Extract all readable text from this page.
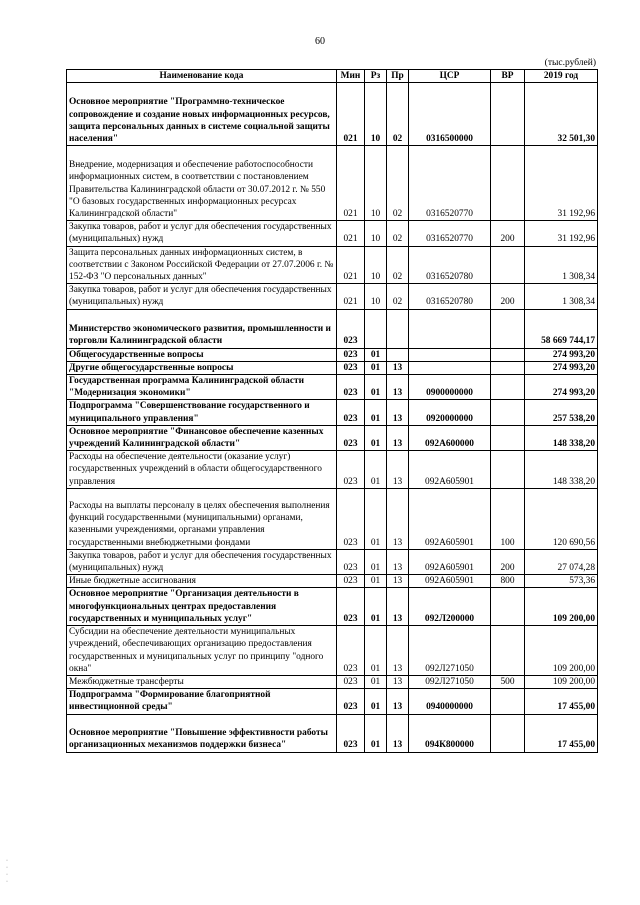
60
(тыс.рублей)
Наименование кода	Мин	Рз	Пр	ЦСР	ВР	2019 год
Основное мероприятие "Программно-техническое сопровождение и создание новых информационных ресурсов, защита персональных данных в системе социальной защиты населения"	021	10	02	0316500000		32 501,30
Внедрение, модернизация и обеспечение работоспособности информационных систем, в соответствии с постановлением Правительства Калининградской области от 30.07.2012 г. № 550 "О базовых государственных информационных ресурсах Калининградской области"	021	10	02	0316520770		31 192,96
Закупка товаров, работ и услуг для обеспечения государственных (муниципальных) нужд	021	10	02	0316520770	200	31 192,96
Защита персональных данных информационных систем, в соответствии с Законом Российской Федерации от 27.07.2006 г. № 152-ФЗ "О персональных данных"	021	10	02	0316520780		1 308,34
Закупка товаров, работ и услуг для обеспечения государственных (муниципальных) нужд	021	10	02	0316520780	200	1 308,34
Министерство экономического развития, промышленности и торговли Калининградской области	023					58 669 744,17
Общегосударственные вопросы	023	01				274 993,20
Другие общегосударственные вопросы	023	01	13			274 993,20
Государственная программа Калининградской области "Модернизация экономики"	023	01	13	0900000000		274 993,20
Подпрограмма "Совершенствование государственного и муниципального управления"	023	01	13	0920000000		257 538,20
Основное мероприятие "Финансовое обеспечение казенных учреждений Калининградской области"	023	01	13	092А600000		148 338,20
Расходы на обеспечение деятельности (оказание услуг) государственных учреждений в области общегосударственного управления	023	01	13	092А605901		148 338,20
Расходы на выплаты персоналу в целях обеспечения выполнения функций государственными (муниципальными) органами, казенными учреждениями, органами управления государственными внебюджетными фондами	023	01	13	092А605901	100	120 690,56
Закупка товаров, работ и услуг для обеспечения государственных (муниципальных) нужд	023	01	13	092А605901	200	27 074,28
Иные бюджетные ассигнования	023	01	13	092А605901	800	573,36
Основное мероприятие "Организация деятельности в многофункциональных центрах предоставления государственных и муниципальных услуг"	023	01	13	092Л200000		109 200,00
Субсидии на обеспечение деятельности муниципальных учреждений, обеспечивающих организацию предоставления государственных и муниципальных услуг по принципу "одного окна"	023	01	13	092Л271050		109 200,00
Межбюджетные трансферты	023	01	13	092Л271050	500	109 200,00
Подпрограмма "Формирование благоприятной инвестиционной среды"	023	01	13	0940000000		17 455,00
Основное мероприятие "Повышение эффективности работы организационных механизмов поддержки бизнеса"	023	01	13	094К800000		17 455,00
·
·
·
·
